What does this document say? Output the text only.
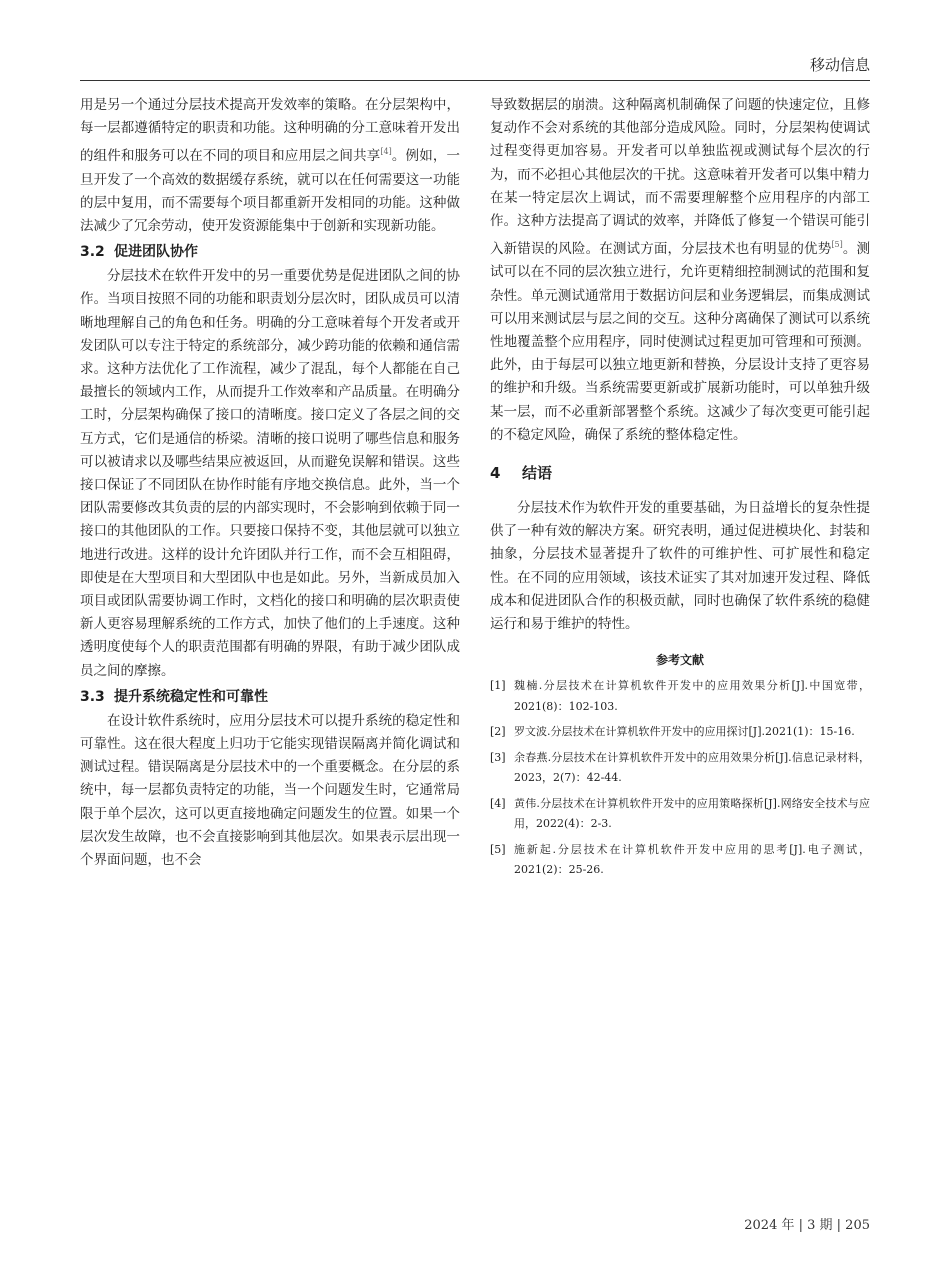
移动信息

用是另一个通过分层技术提高开发效率的策略。在分层架构中，每一层都遵循特定的职责和功能。这种明确的分工意味着开发出的组件和服务可以在不同的项目和应用层之间共享[4]。例如，一旦开发了一个高效的数据缓存系统，就可以在任何需要这一功能的层中复用，而不需要每个项目都重新开发相同的功能。这种做法减少了冗余劳动，使开发资源能集中于创新和实现新功能。

3.2 促进团队协作

分层技术在软件开发中的另一重要优势是促进团队之间的协作。当项目按照不同的功能和职责划分层次时，团队成员可以清晰地理解自己的角色和任务。明确的分工意味着每个开发者或开发团队可以专注于特定的系统部分，减少跨功能的依赖和通信需求。这种方法优化了工作流程，减少了混乱，每个人都能在自己最擅长的领域内工作，从而提升工作效率和产品质量。在明确分工时，分层架构确保了接口的清晰度。接口定义了各层之间的交互方式，它们是通信的桥梁。清晰的接口说明了哪些信息和服务可以被请求以及哪些结果应被返回，从而避免误解和错误。这些接口保证了不同团队在协作时能有序地交换信息。此外，当一个团队需要修改其负责的层的内部实现时，不会影响到依赖于同一接口的其他团队的工作。只要接口保持不变，其他层就可以独立地进行改进。这样的设计允许团队并行工作，而不会互相阻碍，即使是在大型项目和大型团队中也是如此。另外，当新成员加入项目或团队需要协调工作时，文档化的接口和明确的层次职责使新人更容易理解系统的工作方式，加快了他们的上手速度。这种透明度使每个人的职责范围都有明确的界限，有助于减少团队成员之间的摩擦。

3.3 提升系统稳定性和可靠性

在设计软件系统时，应用分层技术可以提升系统的稳定性和可靠性。这在很大程度上归功于它能实现错误隔离并简化调试和测试过程。错误隔离是分层技术中的一个重要概念。在分层的系统中，每一层都负责特定的功能，当一个问题发生时，它通常局限于单个层次，这可以更直接地确定问题发生的位置。如果一个层次发生故障，也不会直接影响到其他层次。如果表示层出现一个界面问题，也不会

导致数据层的崩溃。这种隔离机制确保了问题的快速定位，且修复动作不会对系统的其他部分造成风险。同时，分层架构使调试过程变得更加容易。开发者可以单独监视或测试每个层次的行为，而不必担心其他层次的干扰。这意味着开发者可以集中精力在某一特定层次上调试，而不需要理解整个应用程序的内部工作。这种方法提高了调试的效率，并降低了修复一个错误可能引入新错误的风险。在测试方面，分层技术也有明显的优势[5]。测试可以在不同的层次独立进行，允许更精细控制测试的范围和复杂性。单元测试通常用于数据访问层和业务逻辑层，而集成测试可以用来测试层与层之间的交互。这种分离确保了测试可以系统性地覆盖整个应用程序，同时使测试过程更加可管理和可预测。此外，由于每层可以独立地更新和替换，分层设计支持了更容易的维护和升级。当系统需要更新或扩展新功能时，可以单独升级某一层，而不必重新部署整个系统。这减少了每次变更可能引起的不稳定风险，确保了系统的整体稳定性。

4 结语

分层技术作为软件开发的重要基础，为日益增长的复杂性提供了一种有效的解决方案。研究表明，通过促进模块化、封装和抽象，分层技术显著提升了软件的可维护性、可扩展性和稳定性。在不同的应用领域，该技术证实了其对加速开发过程、降低成本和促进团队合作的积极贡献，同时也确保了软件系统的稳健运行和易于维护的特性。

参考文献
[1] 魏楠.分层技术在计算机软件开发中的应用效果分析[J].中国宽带，2021(8)：102-103.
[2] 罗文波.分层技术在计算机软件开发中的应用探讨[J].2021(1)：15-16.
[3] 余春燕.分层技术在计算机软件开发中的应用效果分析[J].信息记录材料，2023，2(7)：42-44.
[4] 黄伟.分层技术在计算机软件开发中的应用策略探析[J].网络安全技术与应用，2022(4)：2-3.
[5] 施新起.分层技术在计算机软件开发中应用的思考[J].电子测试，2021(2)：25-26.
2024 年 | 3 期 | 205
